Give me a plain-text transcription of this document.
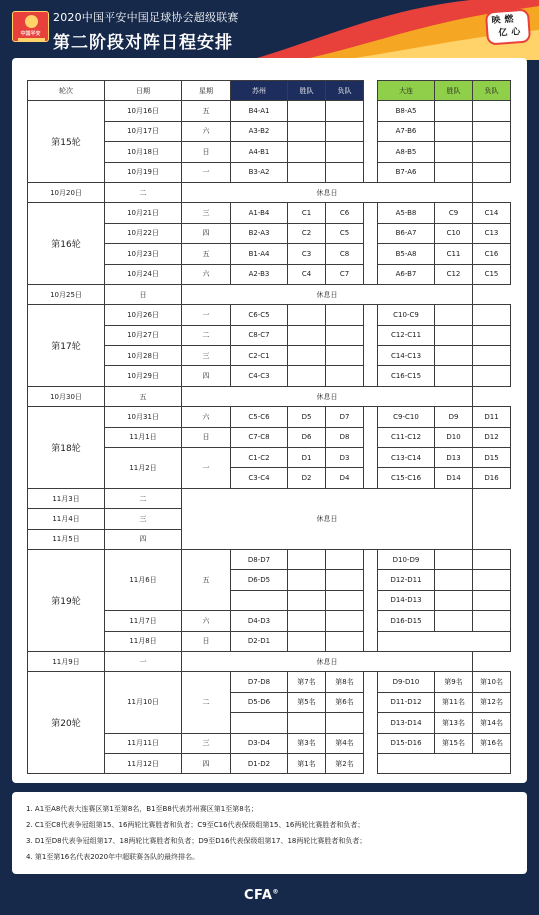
中国平安
2020中国平安中国足球协会超级联赛
第二阶段对阵日程安排
映 燃
亿 心
轮次	日期	星期	苏州	胜队	负队		大连	胜队	负队
第15轮	10月16日	五	B4-A1				B8-A5		
	10月17日	六	A3-B2				A7-B6		
	10月18日	日	A4-B1				A8-B5		
	10月19日	一	B3-A2				B7-A6		
10月20日	二	休息日							
第16轮	10月21日	三	A1-B4	C1	C6		A5-B8	C9	C14
	10月22日	四	B2-A3	C2	C5		B6-A7	C10	C13
	10月23日	五	B1-A4	C3	C8		B5-A8	C11	C16
	10月24日	六	A2-B3	C4	C7		A6-B7	C12	C15
10月25日	日	休息日							
第17轮	10月26日	一	C6-C5				C10-C9		
	10月27日	二	C8-C7				C12-C11		
	10月28日	三	C2-C1				C14-C13		
	10月29日	四	C4-C3				C16-C15		
10月30日	五	休息日							
第18轮	10月31日	六	C5-C6	D5	D7		C9-C10	D9	D11
	11月1日	日	C7-C8	D6	D8		C11-C12	D10	D12
	11月2日	一	C1-C2	D1	D3		C13-C14	D13	D15
			C3-C4	D2	D4		C15-C16	D14	D16
11月3日	二	休息日							
11月4日	三								
11月5日	四								
第19轮	11月6日	五	D8-D7				D10-D9		
			D6-D5				D12-D11		
							D14-D13		
	11月7日	六	D4-D3				D16-D15		
	11月8日	日	D2-D1						
11月9日	一	休息日							
第20轮	11月10日	二	D7-D8	第7名	第8名		D9-D10	第9名	第10名
			D5-D6	第5名	第6名		D11-D12	第11名	第12名
							D13-D14	第13名	第14名
	11月11日	三	D3-D4	第3名	第4名		D15-D16	第15名	第16名
	11月12日	四	D1-D2	第1名	第2名				
1. A1至A8代表大连赛区第1至第8名，B1至B8代表苏州赛区第1至第8名；
2. C1至C8代表争冠组第15、16两轮比赛胜者和负者；C9至C16代表保级组第15、16两轮比赛胜者和负者；
3. D1至D8代表争冠组第17、18两轮比赛胜者和负者；D9至D16代表保级组第17、18两轮比赛胜者和负者；
4. 第1至第16名代表2020年中超联赛各队的最终排名。
CFA®
